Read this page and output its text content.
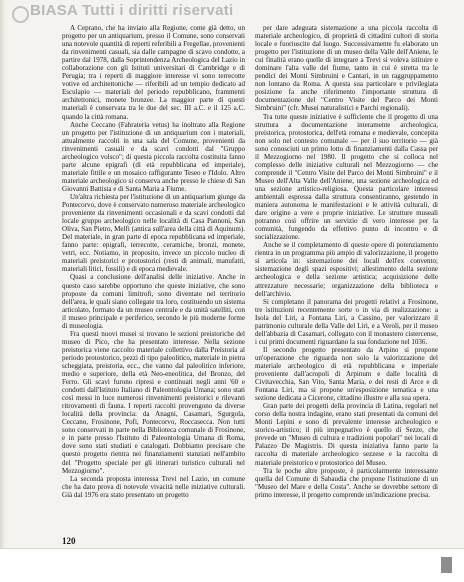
BIASA Tutti i diritti riservati

A Ceprano, che ha inviato alla Regione, come già detto, un progetto per un antiquarium, presso il Comune, sono conservati una notevole quantità di reperti referibili a Fregellae, provenienti da rinvenimenti casuali, sia dalle campagne di scavo condotte, a partire dal 1978, dalla Soprintendenza Archeologica del Lazio in collaborazione con gli Istituti universitari di Cambridge e di Perugia; tra i reperti di maggiore interesse vi sono terrecotte votive ed architettoniche — riferibili ad un tempio dedicato ad Esculapio — materiali del periodo repubblicano, frammenti architettonici, monete bronzee. La maggior parte di questi materiali è conservata tra le due del sec. III a.C. e il 125 a.C. quando la città romana.

Anche Ceccano (Fabrateria vetus) ha inoltrato alla Regione un progetto per l'istituzione di un antiquarium con i materiali, attualmente raccolti in una sala del Comune, provenienti da rinvenimenti casuali e da scavi condotti dal "Gruppo archeologico volsco"; di questa piccola raccolta costituita fanno parte alcune epigrafi (di età repubblicana ed imperiale), materiale fittile e un mosaico raffigurante Teseo e l'Idolo. Altro materiale archeologico si conserva anche presso le chiese di San Giovanni Battista e di Santa Maria a Fiume.

Un'altra richiesta per l'istituzione di un antiquarium giunge da Pontecorvo, dove è conservato numeroso materiale archeologico proveniente da rinvenimenti occasionali e da scavi condotti dal locale gruppo archeologico nelle località di Casa Pannoni, San Oliva, San Pietro, Melfi (antica sull'area della città di Aquinum). Del materiale, in gran parte di epoca repubblicana ed imperiale, fanno parte: epigrafi, terrecotte, ceramiche, bronzi, monete, vetri, ecc. Notiamo, in proposito, invece un piccolo nucleo di materiali preistorici e protostorici (resti di animali, manufatti, materiali litici, fossili) e di epoca medievale.

Quasi a conclusione dell'analisi delle iniziative. Anche in questo caso sarebbe opportuno che queste iniziative, che sono proposte da comuni limitrofi, sono diventate nel territorio dell'area, le quali siano collegate tra loro, costituendo un sistema articolato, formato da un museo centrale e da unità satelliti, con il museo principale e periferico, secondo le più moderne forme di museologia.

Fra questi nuovi musei si trovano le sezioni preistoriche del museo di Pico, che ha presentato interesse. Nella sezione preistorica viene raccolto materiale collettivo dalla Preistoria al periodo protostorico, pezzi di tipo paleolitico, materiale in pietra scheggiata, preistoria, ecc., che vanno dal paleolitico inferiore, medio e superiore, della età Neo-eneolitica, del Bronzo, del Ferro. Gli scavi furono ripresi e continuati negli anni '60 e condotti dall'Istituto Italiano di Paleontologia Umana; sono stati così messi in luce numerosi rinvenimenti preistorici e rilevanti ritrovamenti di fauna. I reperti raccolti provengono da diverse località della provincia: da Anagni, Casamari, Sgurgola, Ceccano, Frosinone, Pofi, Pontecorvo, Roccasecca. Non tutti sono conservati in parte nella Biblioteca comunale di Frosinone, e in parte presso l'Istituto di Paleontologia Umana di Roma, dove sono stati studiati e catalogati. Dobbiamo precisare che questo progetto rientra nei finanziamenti stanziati nell'ambito del "Progetto speciale per gli itinerari turistico culturali nel Mezzogiorno".

La seconda proposta interessa Trevi nel Lazio, un comune che ha dato prova di notevole vivacità nelle iniziative culturali. Già dal 1976 era stato presentato un progetto

per dare adeguata sistemazione a una piccola raccolta di materiale archeologico, di proprietà di cittadini cultori di storia locale e fuoriuscite dal luogo. Successivamente fu elaborato un progetto per l'istituzione di un museo della Valle dell'Aniene, le cui finalità erano quelle di integrare a Trevi si voleva istituire e dominare l'alta valle del fiume, tanto in cui è stretta tra le pendici dei Monti Simbruini e Cantari, in un raggruppamento non lontano da Roma. A questa sua particolare e privilegiata posizione fa anche riferimento l'importante struttura di documentazione del "Centro Visite del Parco dei Monti Simbruini" (cfr. Musei naturalistici e Parchi regionali).

Tra tutte queste iniziative è sufficiente che il progetto di una struttura a documentazione interamente archeologica, preistorica, protostorica, dell'età romana e medievale, concepita non solo nel contesto comunale — per il suo territorio — già sono conosciuti un primo lotto di finanziamenti dalla Cassa per il Mezzogiorno nel 1980. Il progetto che si colloca nel complesso delle iniziative culturali nel Mezzogiorno — che comprende il "Centro Visite del Parco dei Monti Simbruini" e il Museo dell'Alta Valle dell'Aniene, una sezione archeologica ed una sezione artistico-religiosa. Questa particolare interessi ambientali espressa dalla struttura consentiranno, gestendo in maniera autonoma le manifestazioni e le attività culturali, di dare origine a vere e proprie iniziative. Le strutture museali potranno così offrire un servizio di vero interesse per la comunità, fungendo da effettivo punto di incontro e di socializzazione.

Anche se il completamento di queste opere di potenziamento rientra in un programma più ampio di valorizzazione, il progetto si articola in: sistemazione dei locali dell'ex convento; sistemazione degli spazi espositivi; allestimento della sezione archeologica e della sezione artistica; acquisizione delle attrezzature necessarie; organizzazione della biblioteca e dell'archivio.

Si completano il panorama dei progetti relativi a Frosinone, tre istituzioni recentemente sorte o in via di realizzazione: a Isola del Liri, a Fontana Liri, a Cassino, per valorizzare il patrimonio culturale della Valle del Liri, e a Veroli, per il museo dell'abbazia di Casamari, collegato con il monastero cistercense, i cui primi documenti riguardano la sua fondazione nel 1036.

Il secondo progetto presentato da Arpino si propone un'operazione che riguarda non solo la valorizzazione del materiale archeologico di età repubblicana e imperiale proveniente dall'acropoli di Arpinum e dalle località di Civitavecchia, San Vito, Santa Maria, e dei resti di Arce e di Fontana Liri, ma si propone un'esposizione tematica e una sezione dedicata a Cicerone, cittadino illustre e alla sua opera.

Gran parte dei progetti della provincia di Latina, regolari nel corso della nostra indagine, erano stati presentati da comuni del Monti Lepini e sono di prevalente interesse archeologico e storico-artistico; il più impegnativo è quello di Sezze, che prevede un "Museo di cultura e tradizioni popolari" nei locali di Palazzo De Magistris. Di questa iniziativa fanno parte la raccolta di materiale archeologico sezzese e la raccolta di materiale preistorico e protostorico del Museo.

Tra le poche altre proposte, è particolarmente interessante quella del Comune di Sabaudia che propone l'istituzione di un "Museo del Mare e della Costa". Anche se dovrebbe settore di primo interesse, il progetto comprende un'indicazione precisa.

120
